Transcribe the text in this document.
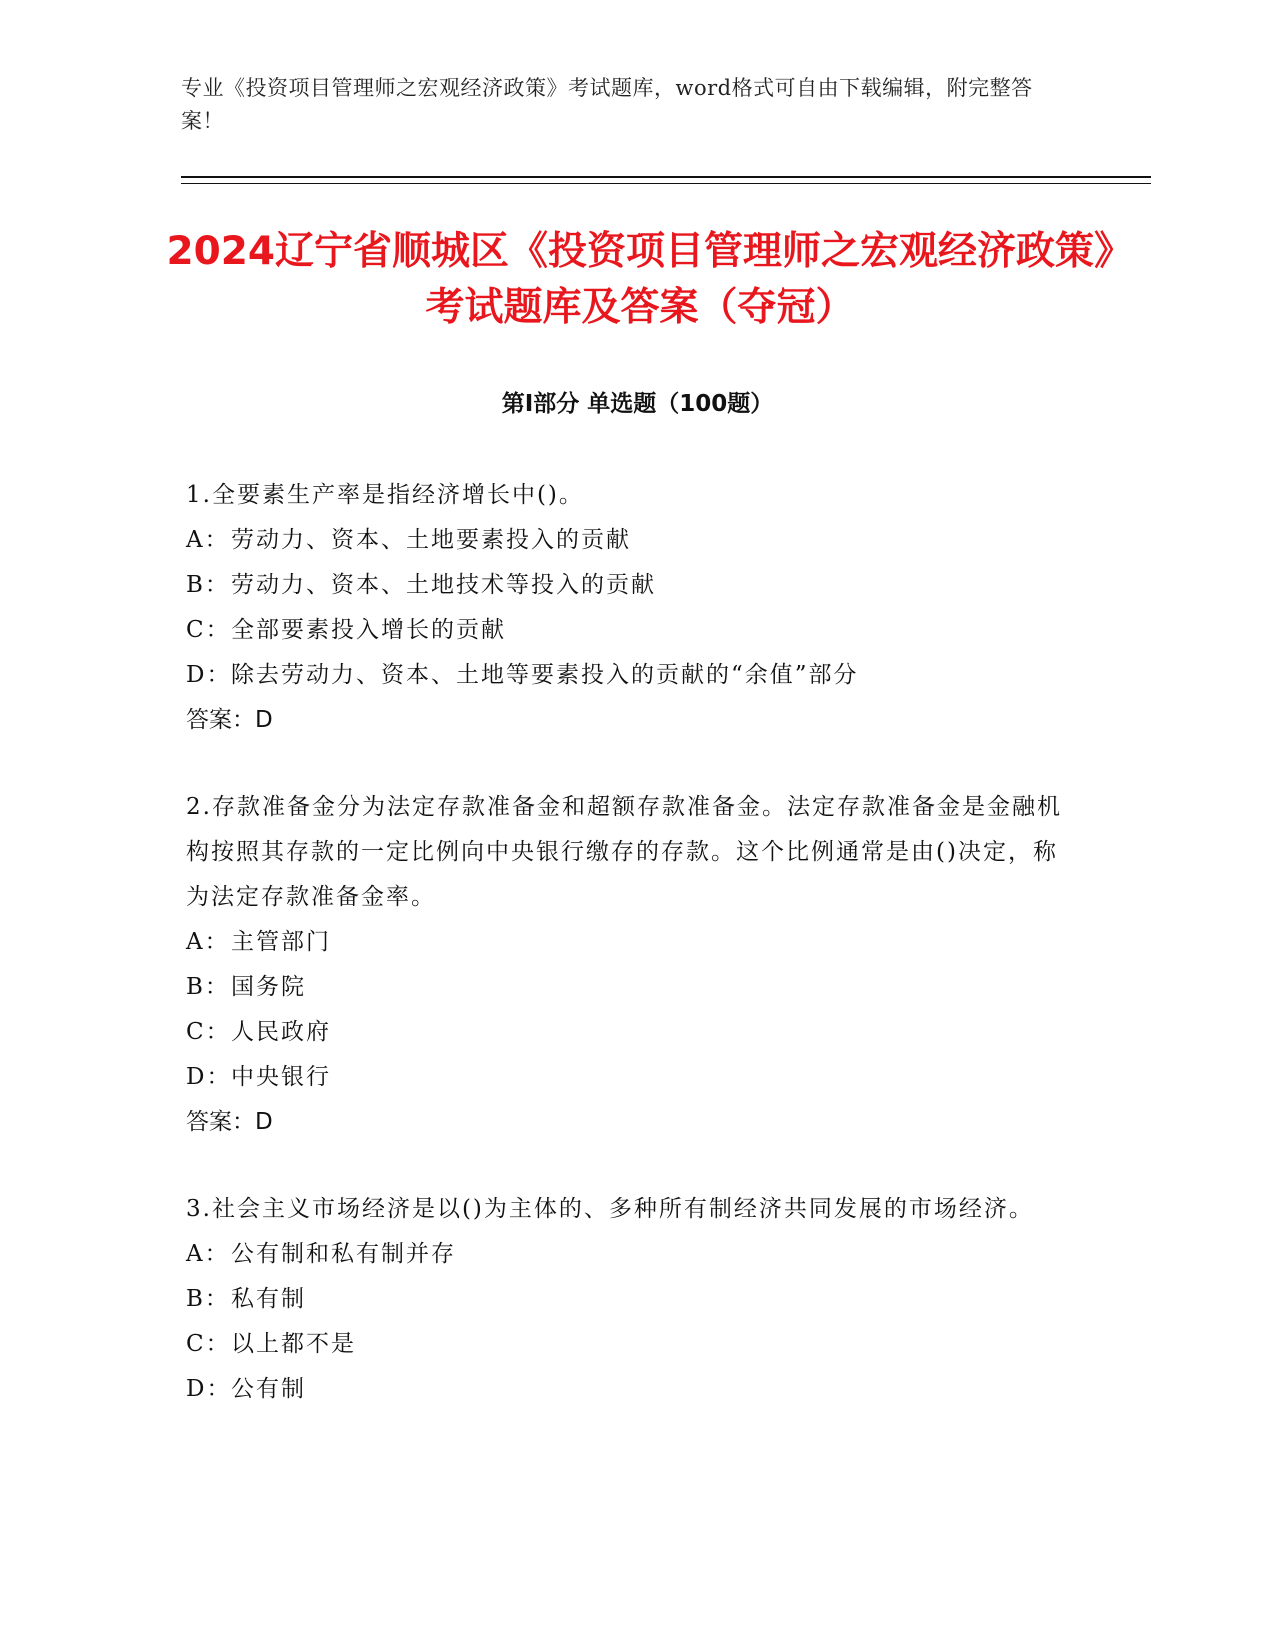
专业《投资项目管理师之宏观经济政策》考试题库，word格式可自由下载编辑，附完整答案！
2024辽宁省顺城区《投资项目管理师之宏观经济政策》考试题库及答案（夺冠）
第Ⅰ部分 单选题（100题）

1.全要素生产率是指经济增长中()。

A： 劳动力、资本、土地要素投入的贡献

B： 劳动力、资本、土地技术等投入的贡献

C： 全部要素投入增长的贡献

D： 除去劳动力、资本、土地等要素投入的贡献的“余值”部分

答案：D

2.存款准备金分为法定存款准备金和超额存款准备金。法定存款准备金是金融机构按照其存款的一定比例向中央银行缴存的存款。这个比例通常是由()决定，称为法定存款准备金率。

A： 主管部门

B： 国务院

C： 人民政府

D： 中央银行

答案：D

3.社会主义市场经济是以()为主体的、多种所有制经济共同发展的市场经济。

A： 公有制和私有制并存

B： 私有制

C： 以上都不是

D： 公有制
